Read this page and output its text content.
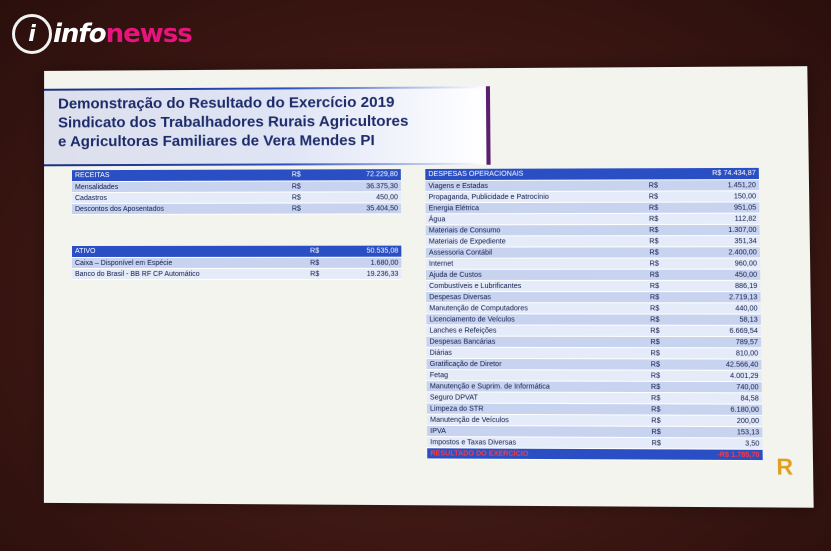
i info newss
Demonstração do Resultado do Exercício 2019
Sindicato dos Trabalhadores Rurais Agricultores
e Agricultoras Familiares de Vera Mendes PI
RECEITAS	R$	72.229,80
Mensalidades	R$	36.375,30
Cadastros	R$	450,00
Descontos dos Aposentados	R$	35.404,50
ATIVO	R$	50.535,08
Caixa – Disponível em Espécie	R$	1.680,00
Banco do Brasil - BB RF CP Automático	R$	19.236,33
DESPESAS OPERACIONAIS		R$ 74.434,87
Viagens e Estadas	R$	1.451,20
Propaganda, Publicidade e Patrocínio	R$	150,00
Energia Elétrica	R$	951,05
Água	R$	112,82
Materiais de Consumo	R$	1.307,00
Materiais de Expediente	R$	351,34
Assessoria Contábil	R$	2.400,00
Internet	R$	960,00
Ajuda de Custos	R$	450,00
Combustíveis e Lubrificantes	R$	886,19
Despesas Diversas	R$	2.719,13
Manutenção de Computadores	R$	440,00
Licenciamento de Veículos	R$	58,13
Lanches e Refeições	R$	6.669,54
Despesas Bancárias	R$	789,57
Diárias	R$	810,00
Gratificação de Diretor	R$	42.566,40
Fetag	R$	4.001,29
Manutenção e Suprim. de Informática	R$	740,00
Seguro DPVAT	R$	84,58
Limpeza do STR	R$	6.180,00
Manutenção de Veículos	R$	200,00
IPVA	R$	153,13
Impostos e Taxas Diversas	R$	3,50
RESULTADO DO EXERCÍCIO		-R$ 1.785,70 R
